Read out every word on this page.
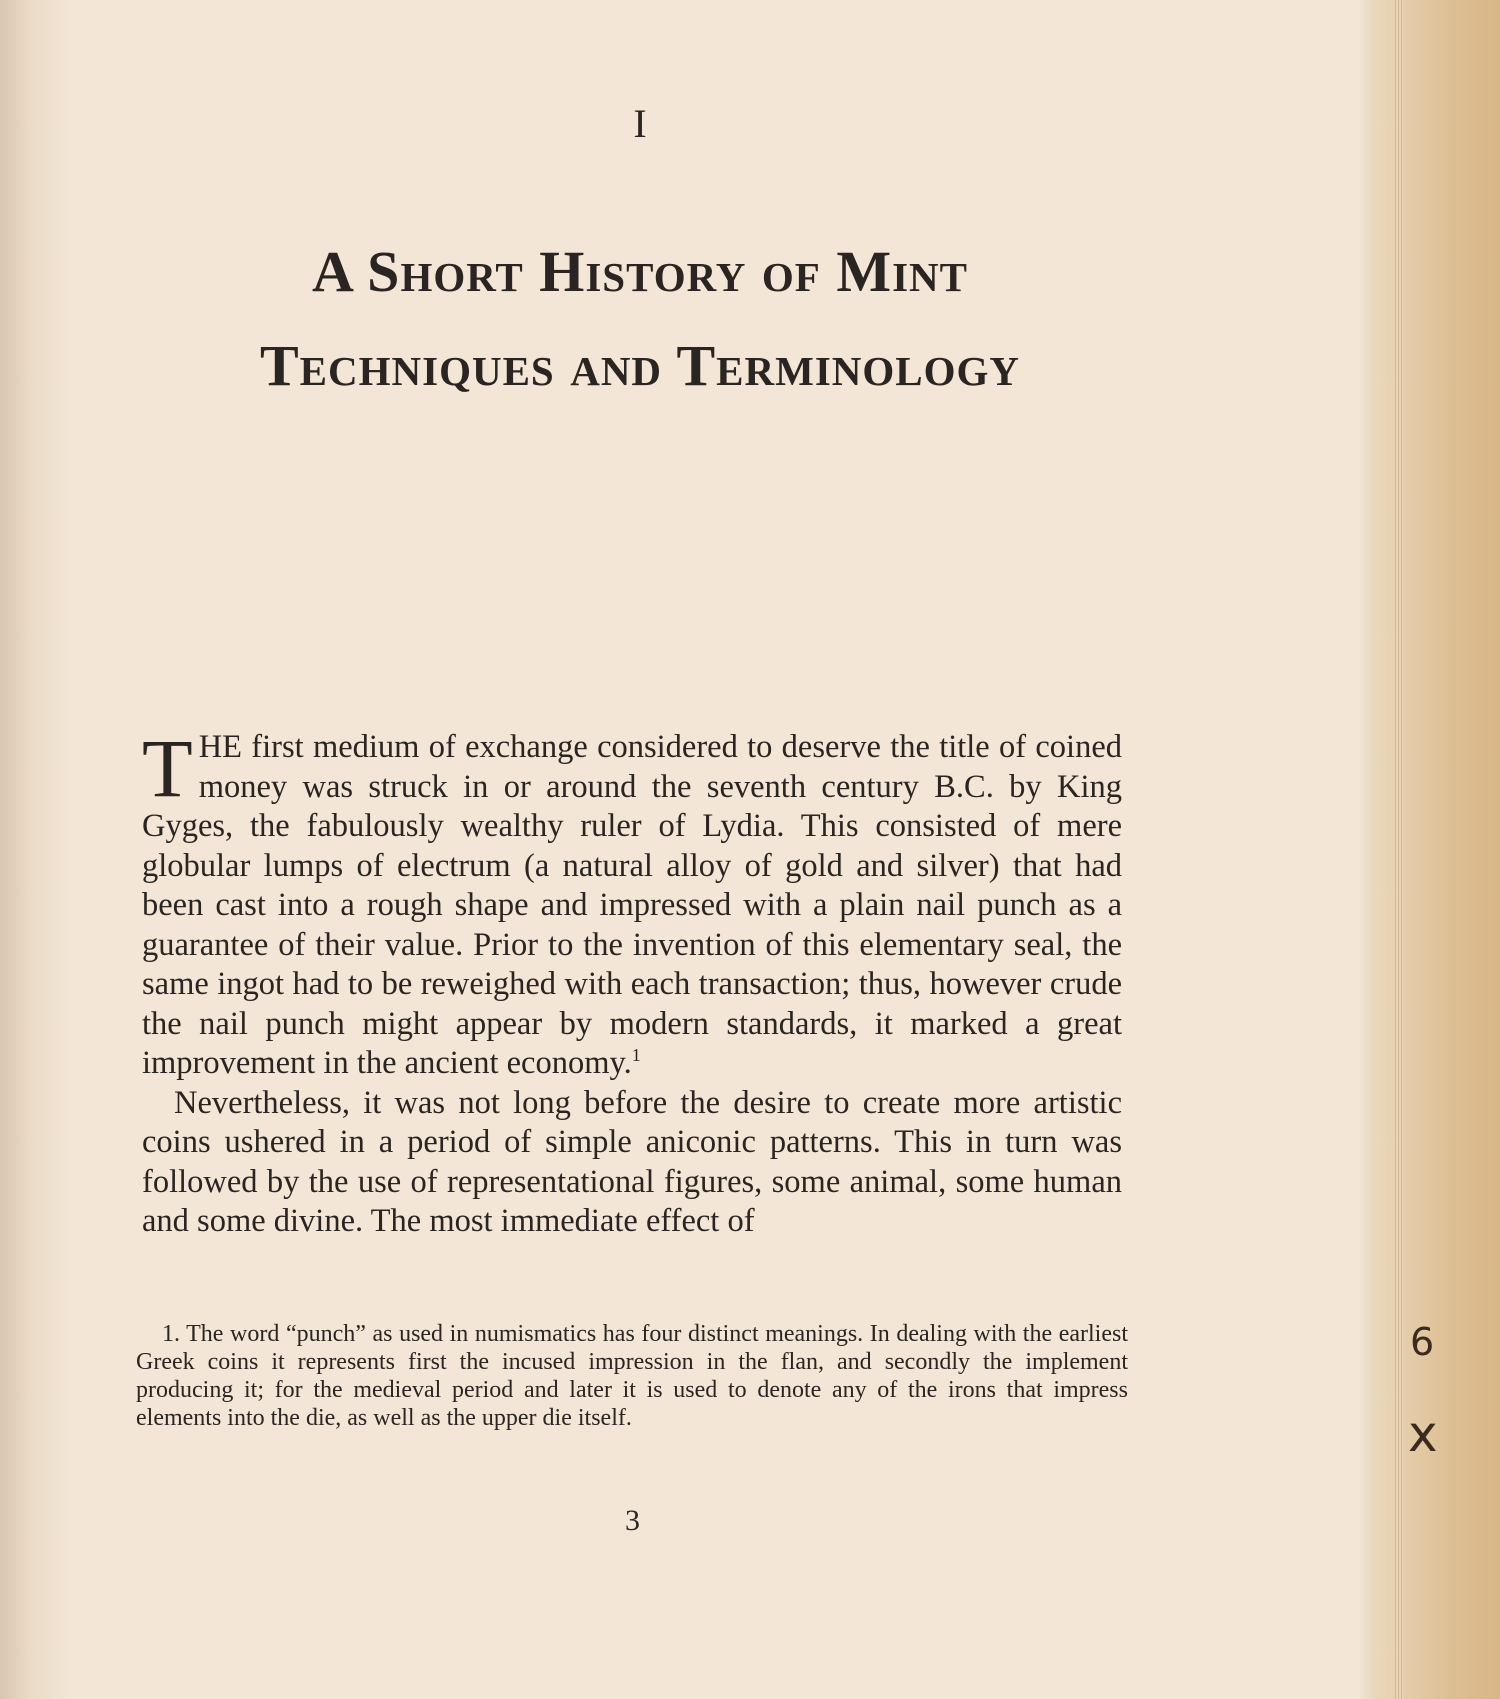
6
x
I
A Short History of Mint
Techniques and Terminology

THE first medium of exchange considered to deserve the title of coined money was struck in or around the seventh century B.C. by King Gyges, the fabulously wealthy ruler of Lydia. This consisted of mere globular lumps of electrum (a natural alloy of gold and silver) that had been cast into a rough shape and impressed with a plain nail punch as a guarantee of their value. Prior to the invention of this elementary seal, the same ingot had to be reweighed with each transaction; thus, however crude the nail punch might appear by modern standards, it marked a great improvement in the ancient economy.$^1$

Nevertheless, it was not long before the desire to create more artistic coins ushered in a period of simple aniconic patterns. This in turn was followed by the use of representational figures, some animal, some human and some divine. The most immediate effect of

1. The word “punch” as used in numismatics has four distinct meanings. In dealing with the earliest Greek coins it represents first the incused impression in the flan, and secondly the implement producing it; for the medieval period and later it is used to denote any of the irons that impress elements into the die, as well as the upper die itself.
3
